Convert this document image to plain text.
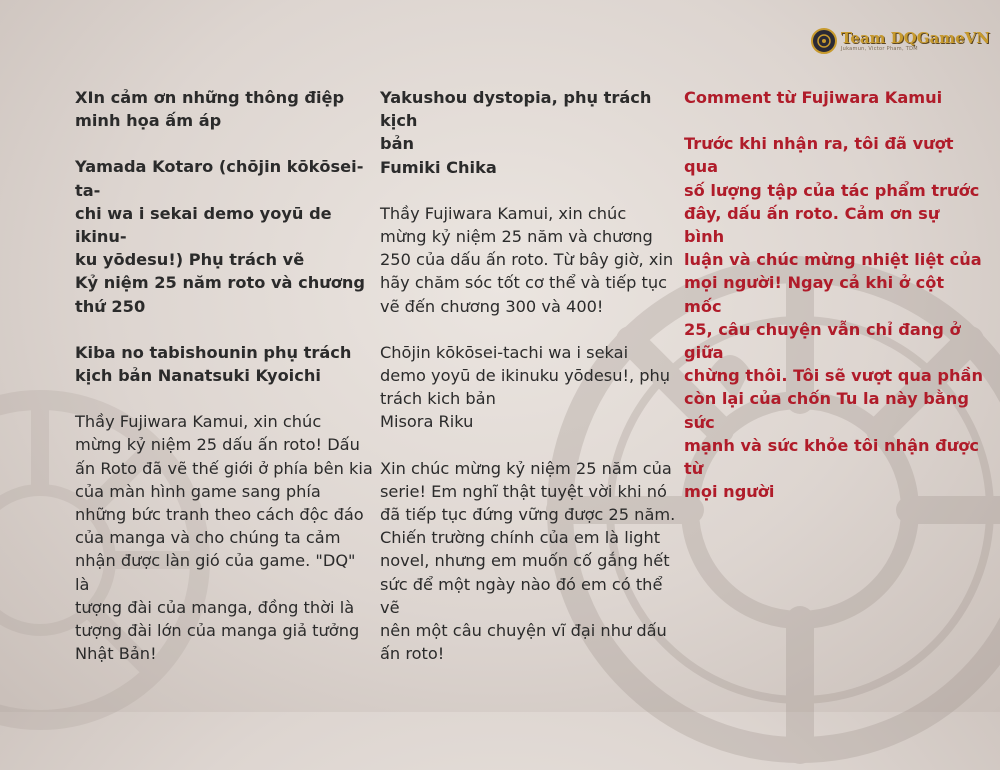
Team DQGameVN
Jukamun, Victor Pham, TDM

XIn cảm ơn những thông điệp
minh họa ấm áp

Yamada Kotaro (chōjin kōkōsei-ta-
chi wa i sekai demo yoyū de ikinu-
ku yōdesu!) Phụ trách vẽ
Kỷ niệm 25 năm roto và chương
thứ 250

Kiba no tabishounin phụ trách
kịch bản Nanatsuki Kyoichi

Thầy Fujiwara Kamui, xin chúc
mừng kỷ niệm 25 dấu ấn roto! Dấu
ấn Roto đã vẽ thế giới ở phía bên kia
của màn hình game sang phía
những bức tranh theo cách độc đáo
của manga và cho chúng ta cảm
nhận được làn gió của game. "DQ" là
tượng đài của manga, đồng thời là
tượng đài lớn của manga giả tưởng
Nhật Bản!

Yakushou dystopia, phụ trách kịch
bản
Fumiki Chika

Thầy Fujiwara Kamui, xin chúc
mừng kỷ niệm 25 năm và chương
250 của dấu ấn roto. Từ bây giờ, xin
hãy chăm sóc tốt cơ thể và tiếp tục
vẽ đến chương 300 và 400!

Chōjin kōkōsei-tachi wa i sekai
demo yoyū de ikinuku yōdesu!, phụ
trách kich bản
Misora Riku

Xin chúc mừng kỷ niệm 25 năm của
serie! Em nghĩ thật tuyệt vời khi nó
đã tiếp tục đứng vững được 25 năm.
Chiến trường chính của em là light
novel, nhưng em muốn cố gắng hết
sức để một ngày nào đó em có thể vẽ
nên một câu chuyện vĩ đại như dấu
ấn roto!

Comment từ Fujiwara Kamui

Trước khi nhận ra, tôi đã vượt qua
số lượng tập của tác phẩm trước
đây, dấu ấn roto. Cảm ơn sự bình
luận và chúc mừng nhiệt liệt của
mọi người! Ngay cả khi ở cột mốc
25, câu chuyện vẫn chỉ đang ở giữa
chừng thôi. Tôi sẽ vượt qua phần
còn lại của chốn Tu la này bằng sức
mạnh và sức khỏe tôi nhận được từ
mọi người
